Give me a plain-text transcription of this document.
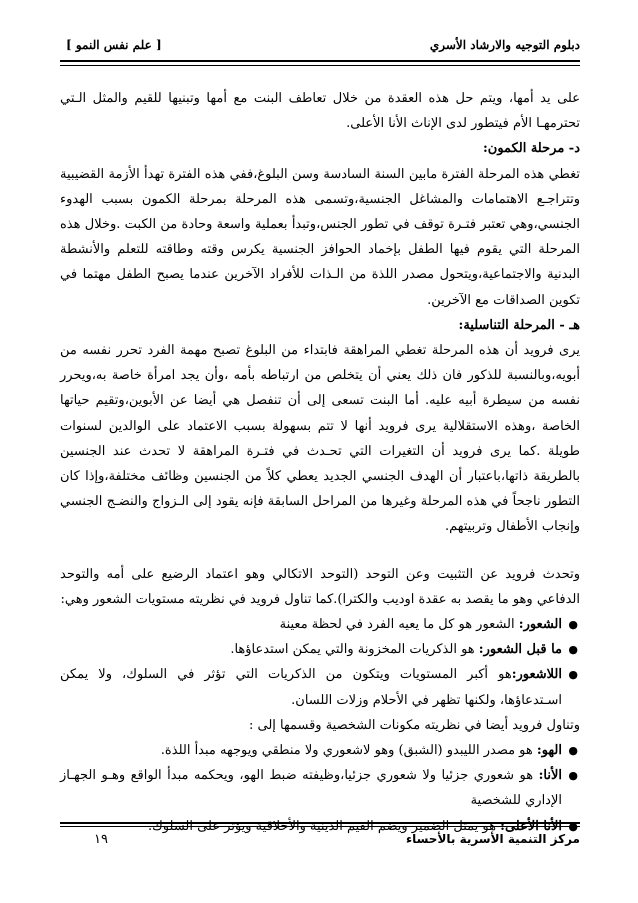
دبلوم التوجيه والارشاد الأسري
[ علم نفس النمو ]

على يد أمها، ويتم حل هذه العقدة من خلال تعاطف البنت مع أمها وتبنيها للقيم والمثل الـتي تحترمهـا الأم فيتطور لدى الإناث الأنا الأعلى.

د- مرحلة الكمون:

تغطي هذه المرحلة الفترة مابين السنة السادسة وسن البلوغ،ففي هذه الفترة تهدأ الأزمة القضيبية وتتراجـع الاهتمامات والمشاغل الجنسية،وتسمى هذه المرحلة بمرحلة الكمون بسبب الهدوء الجنسي،وهي تعتبر فتـرة توقف في تطور الجنس،وتبدأ بعملية واسعة وحادة من الكبت .وخلال هذه المرحلة التي يقوم فيها الطفل بإخماد الحوافز الجنسية يكرس وقته وطاقته للتعلم والأنشطة البدنية والاجتماعية،ويتحول مصدر اللذة من الـذات للأفراد الآخرين عندما يصبح الطفل مهتما في تكوين الصداقات مع الآخرين.

هـ - المرحلة التناسلية:

يرى فرويد أن هذه المرحلة تغطي المراهقة فابتداء من البلوغ تصبح مهمة الفرد تحرر نفسه من أبويه،وبالنسبة للذكور فان ذلك يعني أن يتخلص من ارتباطه بأمه ،وأن يجد امرأة خاصة به،ويحرر نفسه من سيطرة أبيه عليه. أما البنت تسعى إلى أن تنفصل هي أيضا عن الأبوين،وتقيم حياتها الخاصة ،وهذه الاستقلالية يرى فرويد أنها لا تتم بسهولة بسبب الاعتماد على الوالدين لسنوات طويلة .كما يرى فرويد أن التغيرات التي تحـدث في فتـرة المراهقة لا تحدث عند الجنسين بالطريقة ذاتها،باعتبار أن الهدف الجنسي الجديد يعطي كلاً من الجنسين وظائف مختلفة،وإذا كان التطور ناجحاً في هذه المرحلة وغيرها من المراحل السابقة فإنه يقود إلى الـزواج والنضـج الجنسي وإنجاب الأطفال وتربيتهم.

وتحدث فرويد عن التثبيت وعن التوحد (التوحد الاتكالي وهو اعتماد الرضيع على أمه والتوحد الدفاعي وهو ما يقصد به عقدة اوديب والكترا).كما تناول فرويد في نظريته مستويات الشعور وهي:

●
الشعور: الشعور هو كل ما يعيه الفرد في لحظة معينة
●
ما قبل الشعور: هو الذكريات المخزونة والتي يمكن استدعاؤها.
●
اللاشعور:هو أكبر المستويات ويتكون من الذكريات التي تؤثر في السلوك، ولا يمكن اسـتدعاؤها، ولكنها تظهر في الأحلام وزلات اللسان.

وتناول فرويد أيضا في نظريته مكونات الشخصية وقسمها إلى :

●
الهو: هو مصدر الليبدو (الشبق) وهو لاشعوري ولا منطقي ويوجهه مبدأ اللذة.
●
الأنا: هو شعوري جزئيا ولا شعوري جزئيا،وظيفته ضبط الهو، ويحكمه مبدأ الواقع وهـو الجهـاز الإداري للشخصية
●
الأنا الأعلى: هو يمثل الضمير ويضم القيم الدينية والأخلاقية ويؤثر على السلوك.
مركز التنمية الأسرية بالأحساء
١٩
